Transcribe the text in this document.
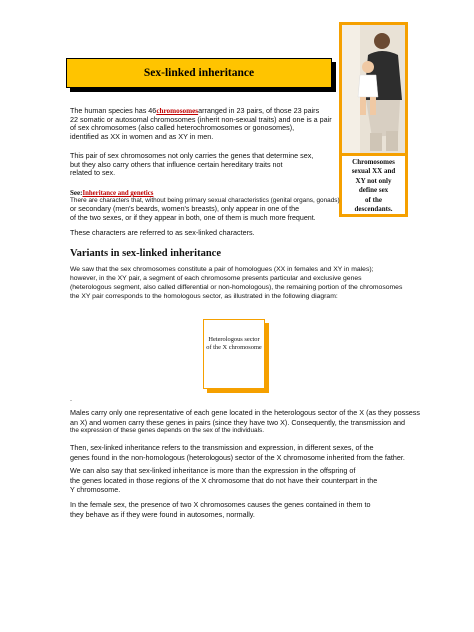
Sex-linked inheritance
Chromosomes
sexual XX and
XY not only
define sex
of the
descendants.
The human species has 46chromosomesarranged in 23 pairs, of those 23 pairs
22 somatic or autosomal chromosomes (inherit non-sexual traits) and one is a pair
of sex chromosomes (also called heterochromosomes or gonosomes),
identified as XX in women and as XY in men.
This pair of sex chromosomes not only carries the genes that determine sex,
but they also carry others that influence certain hereditary traits not
related to sex.
See:Inheritance and genetics
There are characters that, without being primary sexual characteristics (genital organs, gonads)
or secondary (men's beards, women's breasts), only appear in one of the
of the two sexes, or if they appear in both, one of them is much more frequent.
These characters are referred to as sex-linked characters.
Variants in sex-linked inheritance
We saw that the sex chromosomes constitute a pair of homologues (XX in females and XY in males);
however, in the XY pair, a segment of each chromosome presents particular and exclusive genes
(heterologous segment, also called differential or non-homologous), the remaining portion of the chromosomes
the XY pair corresponds to the homologous sector, as illustrated in the following diagram:
Heterologous sector
of the X chromosome
.
Males carry only one representative of each gene located in the heterologous sector of the X (as they possess
an X) and women carry these genes in pairs (since they have two X). Consequently, the transmission and
the expression of these genes depends on the sex of the individuals.
Then, sex-linked inheritance refers to the transmission and expression, in different sexes, of the
genes found in the non-homologous (heterologous) sector of the X chromosome inherited from the father.
We can also say that sex-linked inheritance is more than the expression in the offspring of
the genes located in those regions of the X chromosome that do not have their counterpart in the
Y chromosome.
In the female sex, the presence of two X chromosomes causes the genes contained in them to
they behave as if they were found in autosomes, normally.
